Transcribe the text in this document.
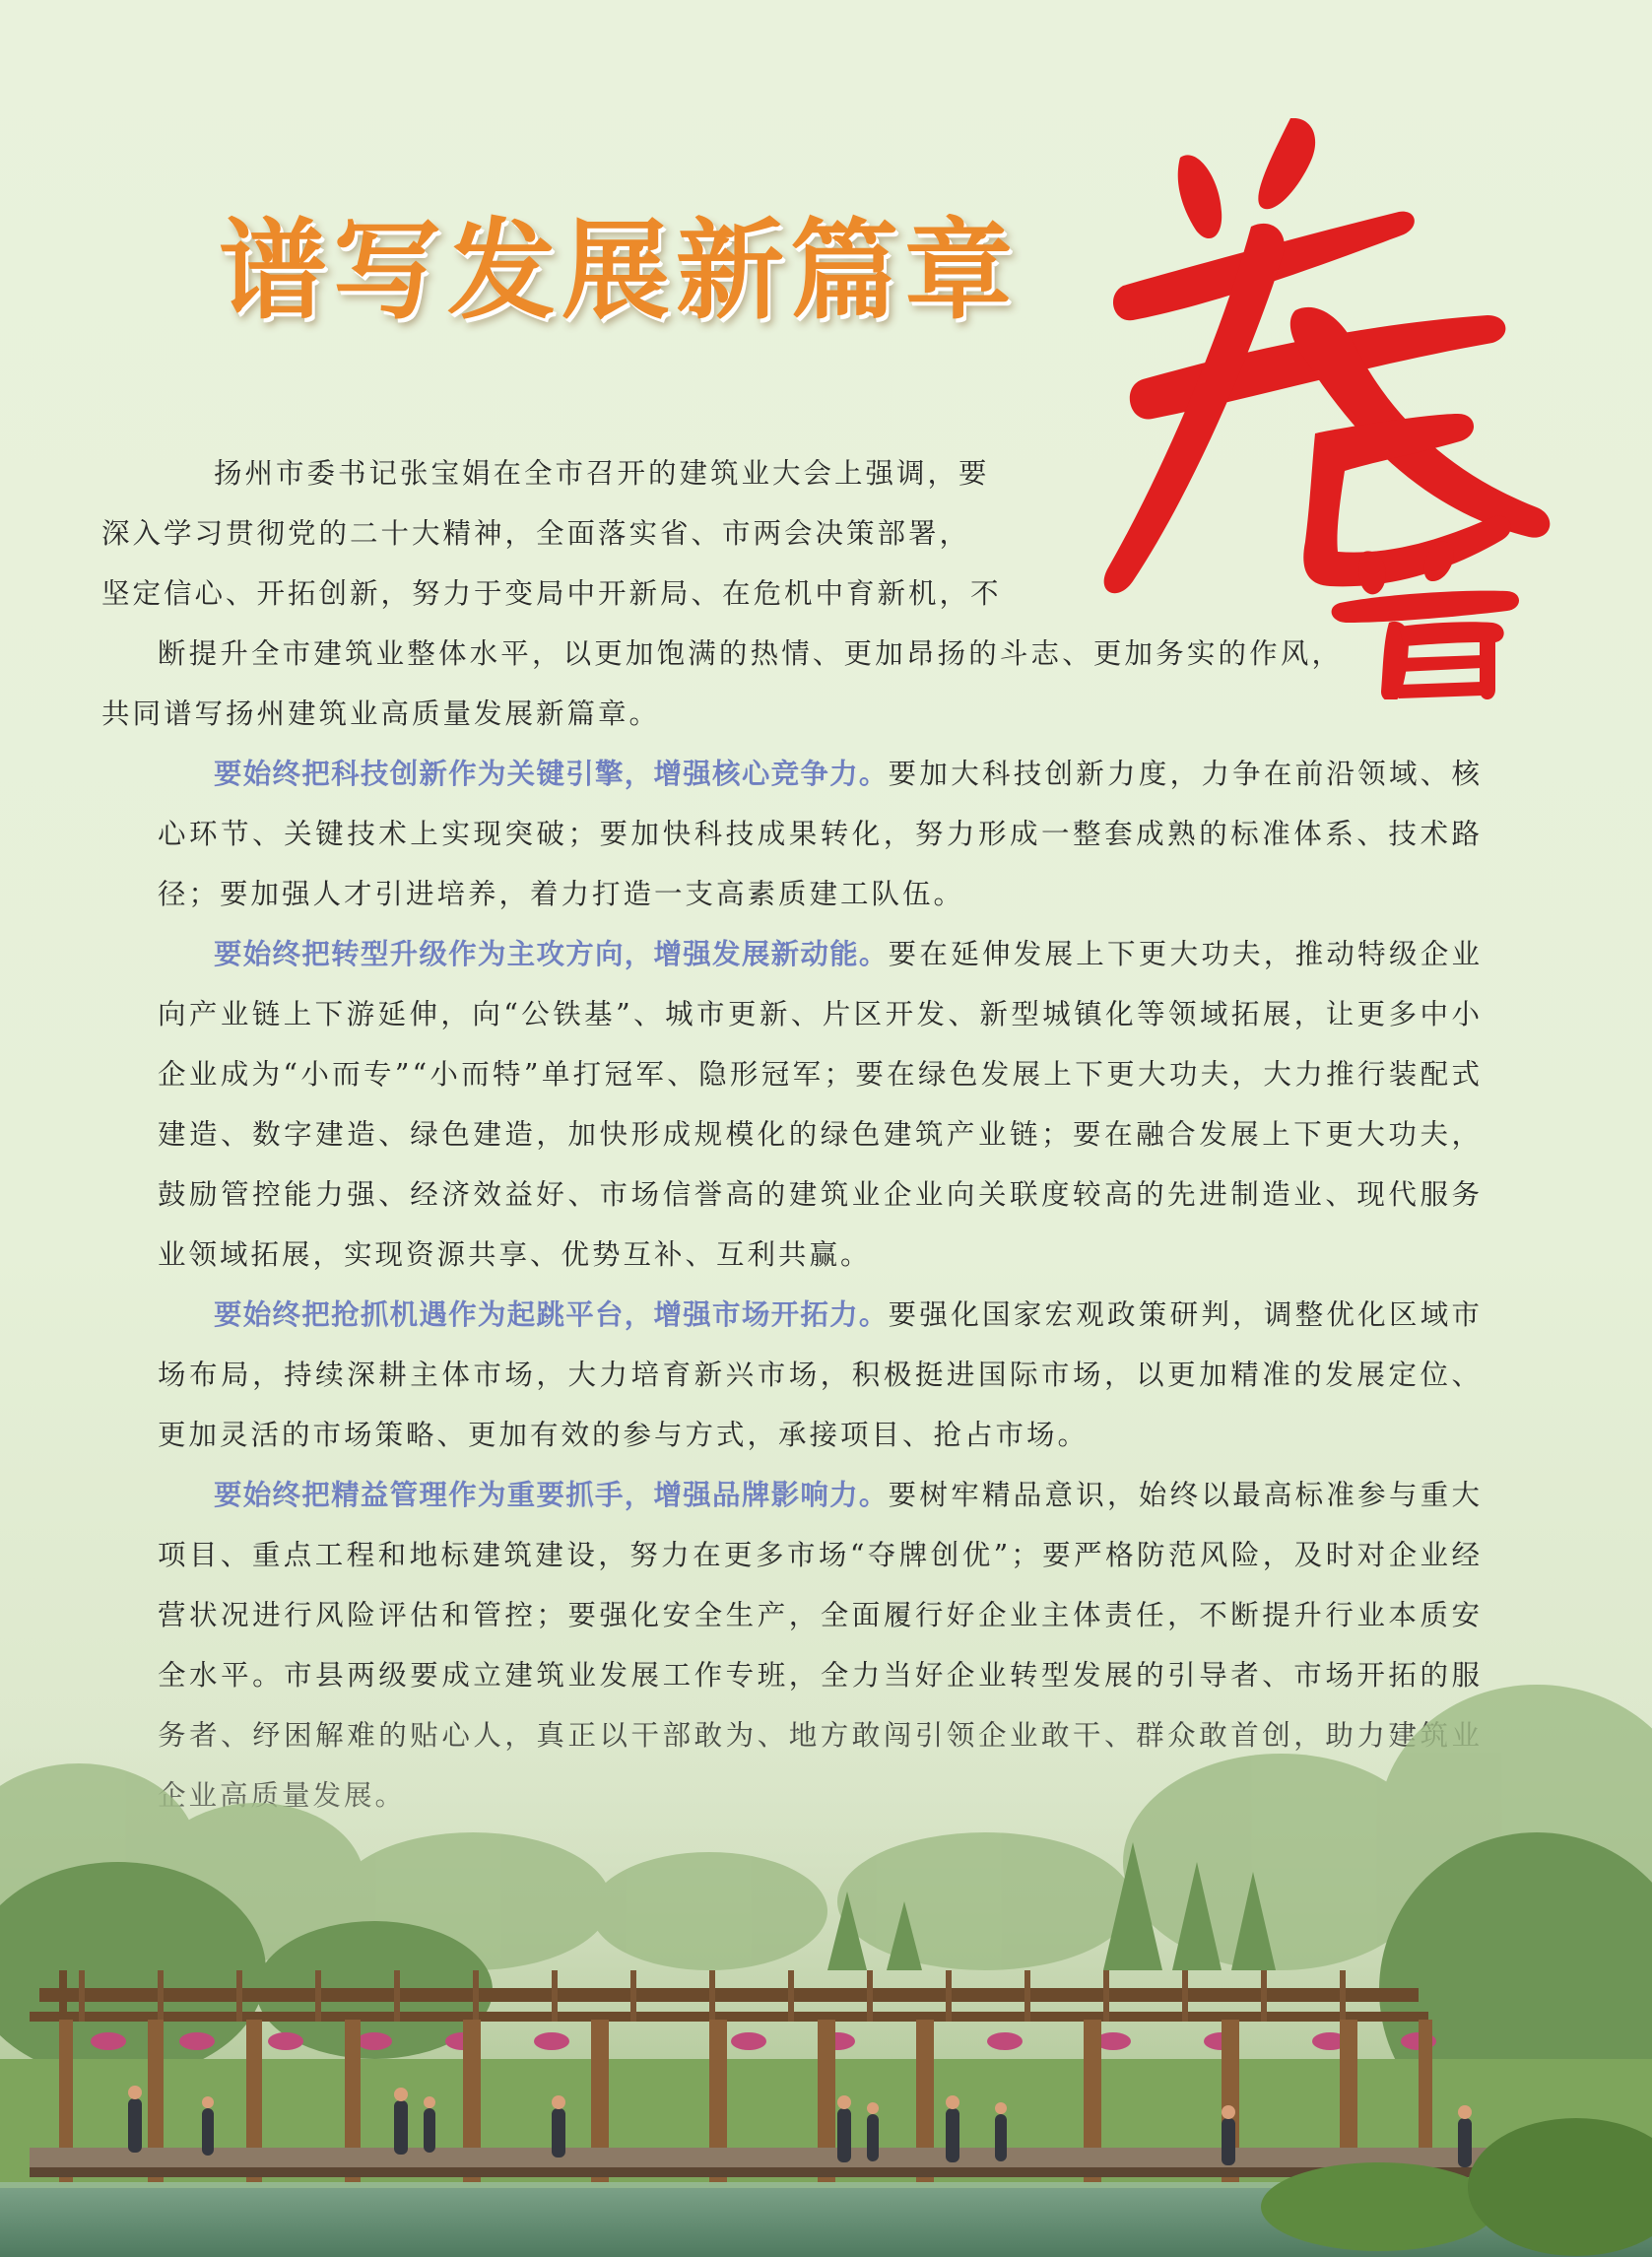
谱写发展新篇章

扬州市委书记张宝娟在全市召开的建筑业大会上强调，要
深入学习贯彻党的二十大精神，全面落实省、市两会决策部署，
坚定信心、开拓创新，努力于变局中开新局、在危机中育新机，不
断提升全市建筑业整体水平，以更加饱满的热情、更加昂扬的斗志、更加务实的作风，共同谱写扬州建筑业高质量发展新篇章。

要始终把科技创新作为关键引擎，增强核心竞争力。要加大科技创新力度，力争在前沿领域、核心环节、关键技术上实现突破；要加快科技成果转化，努力形成一整套成熟的标准体系、技术路径；要加强人才引进培养，着力打造一支高素质建工队伍。

要始终把转型升级作为主攻方向，增强发展新动能。要在延伸发展上下更大功夫，推动特级企业向产业链上下游延伸，向“公铁基”、城市更新、片区开发、新型城镇化等领域拓展，让更多中小企业成为“小而专”“小而特”单打冠军、隐形冠军；要在绿色发展上下更大功夫，大力推行装配式建造、数字建造、绿色建造，加快形成规模化的绿色建筑产业链；要在融合发展上下更大功夫，鼓励管控能力强、经济效益好、市场信誉高的建筑业企业向关联度较高的先进制造业、现代服务业领域拓展，实现资源共享、优势互补、互利共赢。

要始终把抢抓机遇作为起跳平台，增强市场开拓力。要强化国家宏观政策研判，调整优化区域市场布局，持续深耕主体市场，大力培育新兴市场，积极挺进国际市场，以更加精准的发展定位、更加灵活的市场策略、更加有效的参与方式，承接项目、抢占市场。

要始终把精益管理作为重要抓手，增强品牌影响力。要树牢精品意识，始终以最高标准参与重大项目、重点工程和地标建筑建设，努力在更多市场“夺牌创优”；要严格防范风险，及时对企业经营状况进行风险评估和管控；要强化安全生产，全面履行好企业主体责任，不断提升行业本质安
